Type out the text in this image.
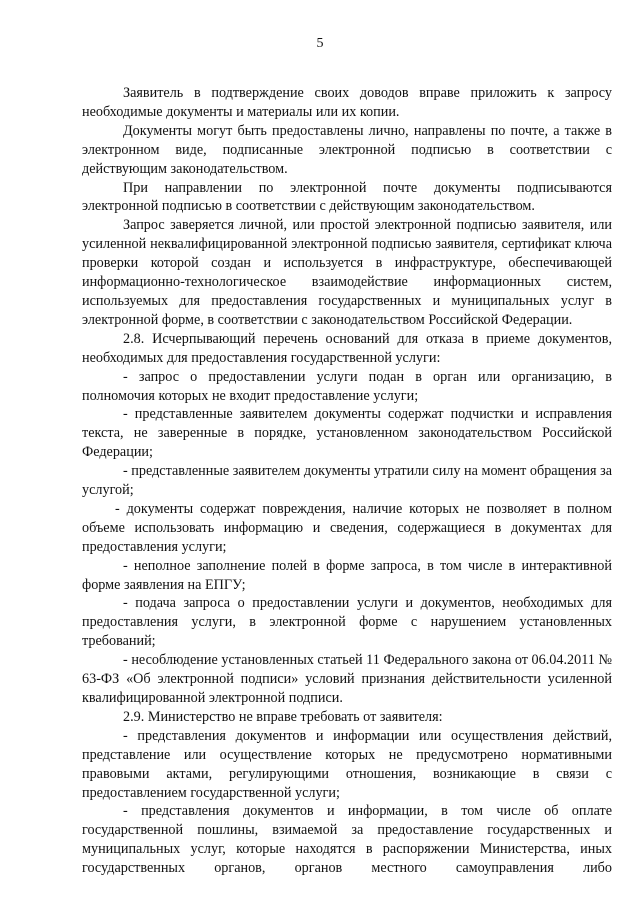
5

Заявитель в подтверждение своих доводов вправе приложить к запросу необходимые документы и материалы или их копии.

Документы могут быть предоставлены лично, направлены по почте, а также в электронном виде, подписанные электронной подписью в соответствии с действующим законодательством.

При направлении по электронной почте документы подписываются электронной подписью в соответствии с действующим законодательством.

Запрос заверяется личной, или простой электронной подписью заявителя, или усиленной неквалифицированной электронной подписью заявителя, сертификат ключа проверки которой создан и используется в инфраструктуре, обеспечивающей информационно-технологическое взаимодействие информационных систем, используемых для предоставления государственных и муниципальных услуг в электронной форме, в соответствии с законодательством Российской Федерации.

2.8. Исчерпывающий перечень оснований для отказа в приеме документов, необходимых для предоставления государственной услуги:

- запрос о предоставлении услуги подан в орган или организацию, в полномочия которых не входит предоставление услуги;

- представленные заявителем документы содержат подчистки и исправления текста, не заверенные в порядке, установленном законодательством Российской Федерации;

- представленные заявителем документы утратили силу на момент обращения за услугой;

- документы содержат повреждения, наличие которых не позволяет в полном объеме использовать информацию и сведения, содержащиеся в документах для предоставления услуги;

- неполное заполнение полей в форме запроса, в том числе в интерактивной форме заявления на ЕПГУ;

- подача запроса о предоставлении услуги и документов, необходимых для предоставления услуги, в электронной форме с нарушением установленных требований;

- несоблюдение установленных статьей 11 Федерального закона от 06.04.2011 № 63-ФЗ «Об электронной подписи» условий признания действительности усиленной квалифицированной электронной подписи.

2.9. Министерство не вправе требовать от заявителя:

- представления документов и информации или осуществления действий, представление или осуществление которых не предусмотрено нормативными правовыми актами, регулирующими отношения, возникающие в связи с предоставлением государственной услуги;

- представления документов и информации, в том числе об оплате государственной пошлины, взимаемой за предоставление государственных и муниципальных услуг, которые находятся в распоряжении Министерства, иных государственных органов, органов местного самоуправления либо
